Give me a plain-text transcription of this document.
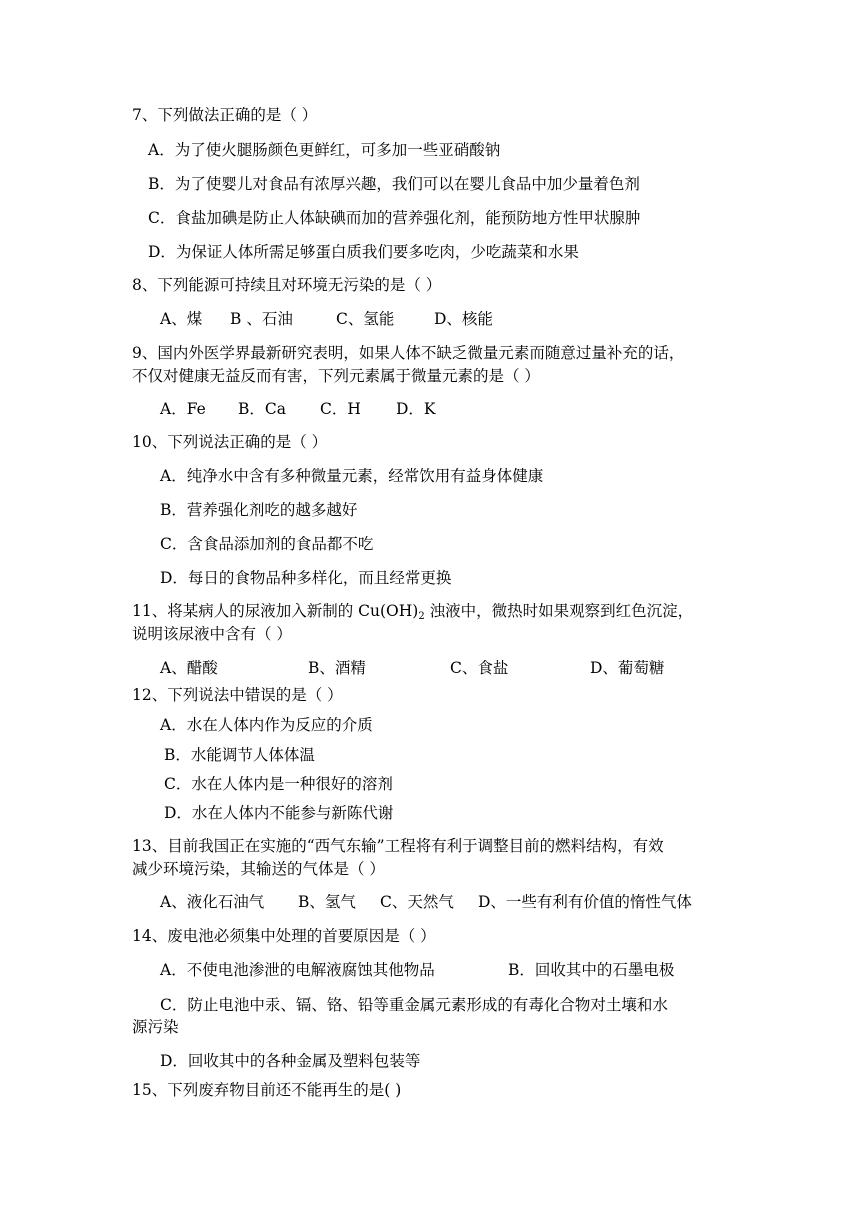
7、下列做法正确的是（ ）
A．为了使火腿肠颜色更鲜红，可多加一些亚硝酸钠
B．为了使婴儿对食品有浓厚兴趣，我们可以在婴儿食品中加少量着色剂
C．食盐加碘是防止人体缺碘而加的营养强化剂，能预防地方性甲状腺肿
D．为保证人体所需足够蛋白质我们要多吃肉，少吃蔬菜和水果
8、下列能源可持续且对环境无污染的是（ ）
A、煤 B 、石油	C、氢能	D、核能
9、国内外医学界最新研究表明，如果人体不缺乏微量元素而随意过量补充的话，
不仅对健康无益反而有害，下列元素属于微量元素的是（ ）
A．Fe B．Ca C．H D．K
10、下列说法正确的是（ ）
A．纯净水中含有多种微量元素，经常饮用有益身体健康
B．营养强化剂吃的越多越好
C．含食品添加剂的食品都不吃
D．每日的食物品种多样化，而且经常更换
11、将某病人的尿液加入新制的 $Cu(OH)_2$ 浊液中，微热时如果观察到红色沉淀，
说明该尿液中含有（ ）
A、醋酸	B、酒精	C、食盐	D、葡萄糖
12、下列说法中错误的是（ ）
A．水在人体内作为反应的介质
B．水能调节人体体温
C．水在人体内是一种很好的溶剂
D．水在人体内不能参与新陈代谢
13、目前我国正在实施的“西气东输”工程将有利于调整目前的燃料结构，有效
减少环境污染，其输送的气体是（ ）
A、液化石油气 B、氢气 C、天然气 D、一些有利有价值的惰性气体
14、废电池必须集中处理的首要原因是（ ）
A．不使电池渗泄的电解液腐蚀其他物品	B．回收其中的石墨电极
C．防止电池中汞、镉、铬、铅等重金属元素形成的有毒化合物对土壤和水
源污染
D．回收其中的各种金属及塑料包装等
15、下列废弃物目前还不能再生的是( )
